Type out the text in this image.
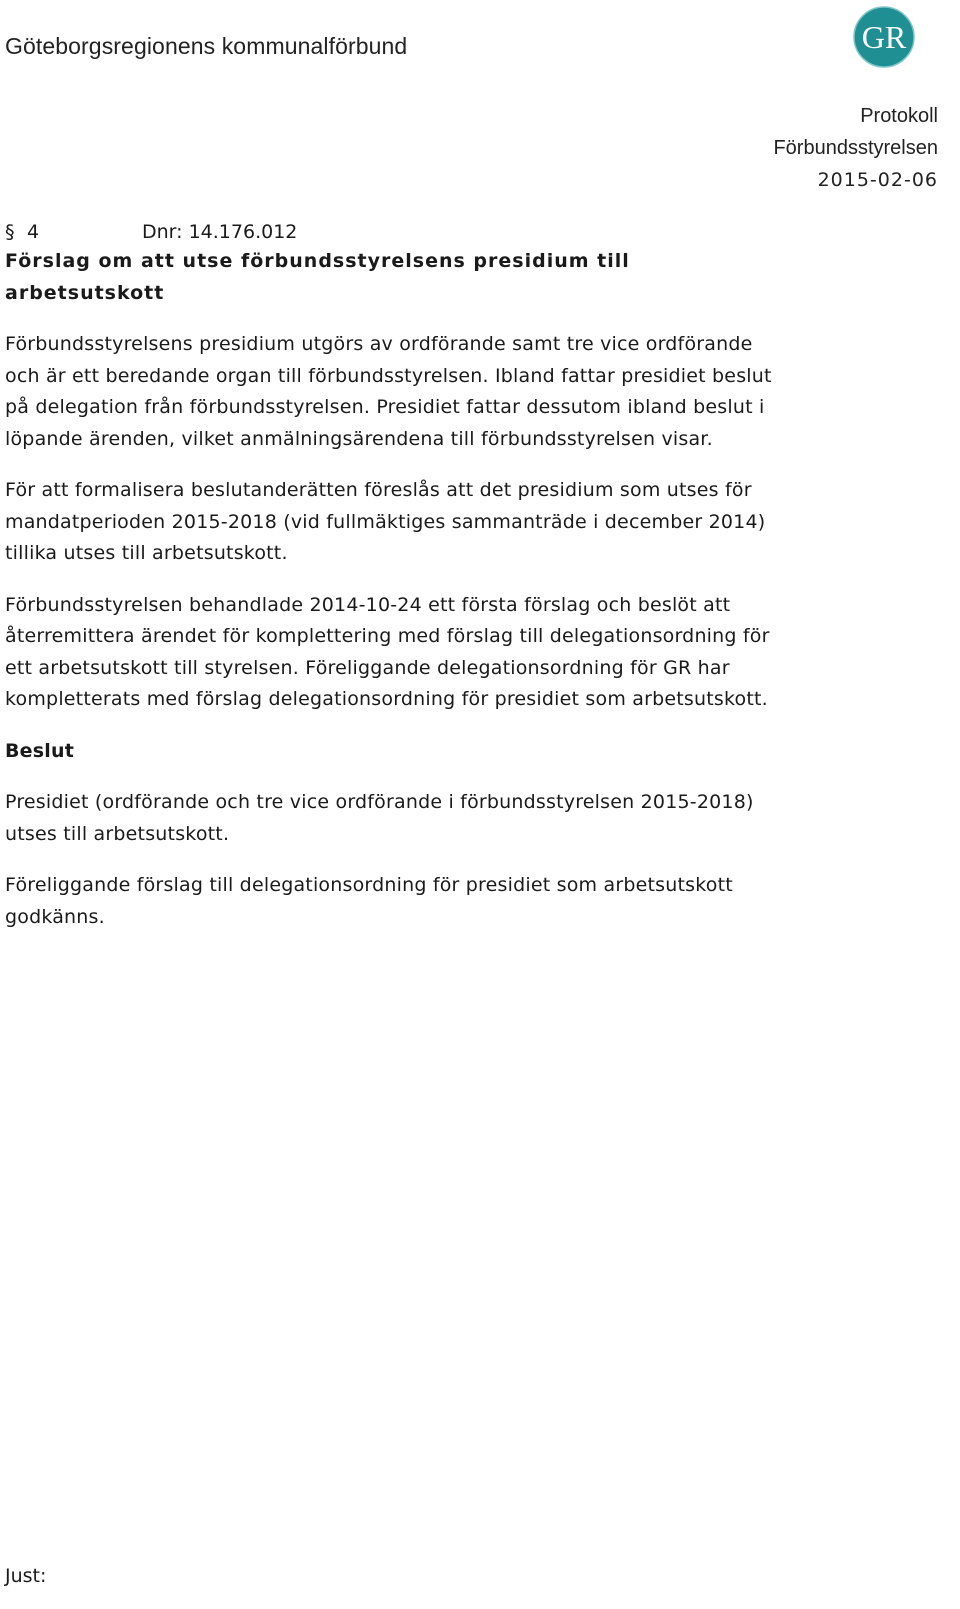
Göteborgsregionens kommunalförbund	GR
Protokoll
Förbundsstyrelsen
2015-02-06
§ 4	Dnr: 14.176.012
Förslag om att utse förbundsstyrelsens presidium till arbetsutskott

Förbundsstyrelsens presidium utgörs av ordförande samt tre vice ordförande och är ett beredande organ till förbundsstyrelsen. Ibland fattar presidiet beslut på delegation från förbundsstyrelsen. Presidiet fattar dessutom ibland beslut i löpande ärenden, vilket anmälningsärendena till förbundsstyrelsen visar.

För att formalisera beslutanderätten föreslås att det presidium som utses för mandatperioden 2015-2018 (vid fullmäktiges sammanträde i december 2014) tillika utses till arbetsutskott.

Förbundsstyrelsen behandlade 2014-10-24 ett första förslag och beslöt att återremittera ärendet för komplettering med förslag till delegationsordning för ett arbetsutskott till styrelsen. Föreliggande delegationsordning för GR har kompletterats med förslag delegationsordning för presidiet som arbetsutskott.

Beslut

Presidiet (ordförande och tre vice ordförande i förbundsstyrelsen 2015-2018) utses till arbetsutskott.

Föreliggande förslag till delegationsordning för presidiet som arbetsutskott godkänns.

Just:
